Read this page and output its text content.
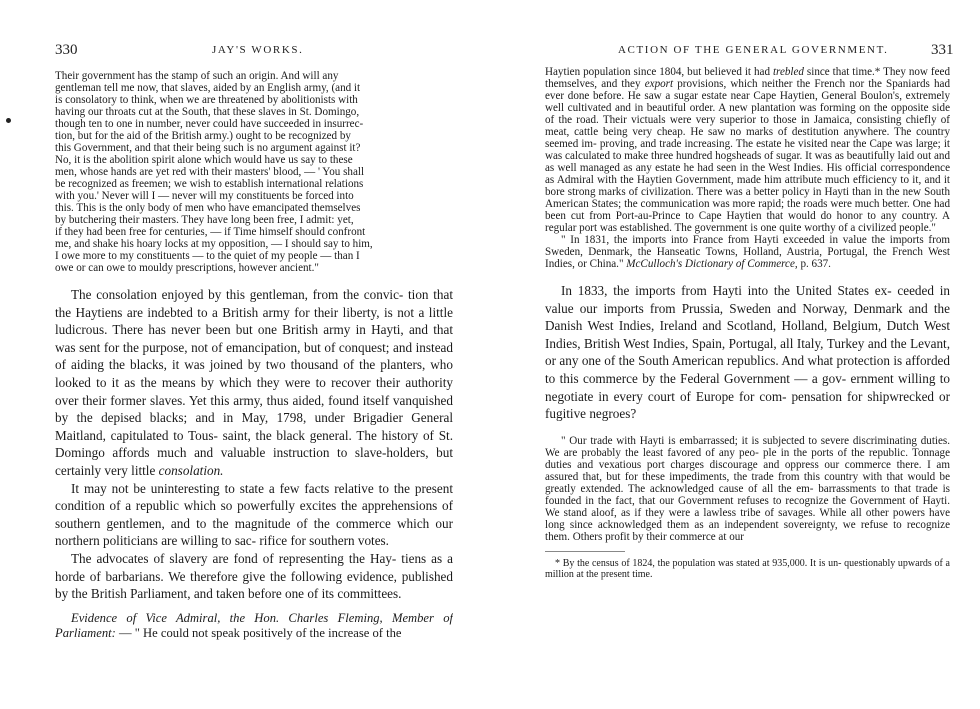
330	JAY'S WORKS.

Their government has the stamp of such an origin. And will any

gentleman tell me now, that slaves, aided by an English army, (and it

is consolatory to think, when we are threatened by abolitionists with

having our throats cut at the South, that these slaves in St. Domingo,

though ten to one in number, never could have succeeded in insurrec-

tion, but for the aid of the British army.) ought to be recognized by

this Government, and that their being such is no argument against it?

No, it is the abolition spirit alone which would have us say to these

men, whose hands are yet red with their masters' blood, — ' You shall

be recognized as freemen; we wish to establish international relations

with you.' Never will I — never will my constituents be forced into

this. This is the only body of men who have emancipated themselves

by butchering their masters. They have long been free, I admit: yet,

if they had been free for centuries, — if Time himself should confront

me, and shake his hoary locks at my opposition, — I should say to him,

I owe more to my constituents — to the quiet of my people — than I

owe or can owe to mouldy prescriptions, however ancient."

The consolation enjoyed by this gentleman, from the convic- tion that the Haytiens are indebted to a British army for their liberty, is not a little ludicrous. There has never been but one British army in Hayti, and that was sent for the purpose, not of emancipation, but of conquest; and instead of aiding the blacks, it was joined by two thousand of the planters, who looked to it as the means by which they were to recover their authority over their former slaves. Yet this army, thus aided, found itself vanquished by the depised blacks; and in May, 1798, under Brigadier General Maitland, capitulated to Tous- saint, the black general. The history of St. Domingo affords much and valuable instruction to slave-holders, but certainly very little consolation.

It may not be uninteresting to state a few facts relative to the present condition of a republic which so powerfully excites the apprehensions of southern gentlemen, and to the magnitude of the commerce which our northern politicians are willing to sac- rifice for southern votes.

The advocates of slavery are fond of representing the Hay- tiens as a horde of barbarians. We therefore give the following evidence, published by the British Parliament, and taken before one of its committees.

Evidence of Vice Admiral, the Hon. Charles Fleming, Member of Parliament: — " He could not speak positively of the increase of the

ACTION OF THE GENERAL GOVERNMENT.	331

Haytien population since 1804, but believed it had trebled since that time.* They now feed themselves, and they export provisions, which neither the French nor the Spaniards had ever done before. He saw a sugar estate near Cape Haytien, General Boulon's, extremely well cultivated and in beautiful order. A new plantation was forming on the opposite side of the road. Their victuals were very superior to those in Jamaica, consisting chiefly of meat, cattle being very cheap. He saw no marks of destitution anywhere. The country seemed im- proving, and trade increasing. The estate he visited near the Cape was large; it was calculated to make three hundred hogsheads of sugar. It was as beautifully laid out and as well managed as any estate he had seen in the West Indies. His official correspondence as Admiral with the Haytien Government, made him attribute much efficiency to it, and it bore strong marks of civilization. There was a better policy in Hayti than in the new South American States; the communication was more rapid; the roads were much better. One had been cut from Port-au-Prince to Cape Haytien that would do honor to any country. A regular port was established. The government is one quite worthy of a civilized people."

" In 1831, the imports into France from Hayti exceeded in value the imports from Sweden, Denmark, the Hanseatic Towns, Holland, Austria, Portugal, the French West Indies, or China." McCulloch's Dictionary of Commerce, p. 637.

In 1833, the imports from Hayti into the United States ex- ceeded in value our imports from Prussia, Sweden and Norway, Denmark and the Danish West Indies, Ireland and Scotland, Holland, Belgium, Dutch West Indies, British West Indies, Spain, Portugal, all Italy, Turkey and the Levant, or any one of the South American republics. And what protection is afforded to this commerce by the Federal Government — a gov- ernment willing to negotiate in every court of Europe for com- pensation for shipwrecked or fugitive negroes?

" Our trade with Hayti is embarrassed; it is subjected to severe discriminating duties. We are probably the least favored of any peo- ple in the ports of the republic. Tonnage duties and vexatious port charges discourage and oppress our commerce there. I am assured that, but for these impediments, the trade from this country with that would be greatly extended. The acknowledged cause of all the em- barrassments to that trade is founded in the fact, that our Government refuses to recognize the Government of Hayti. We stand aloof, as if they were a lawless tribe of savages. While all other powers have long since acknowledged them as an independent sovereignty, we refuse to recognize them. Others profit by their commerce at our

* By the census of 1824, the population was stated at 935,000. It is un- questionably upwards of a million at the present time.
